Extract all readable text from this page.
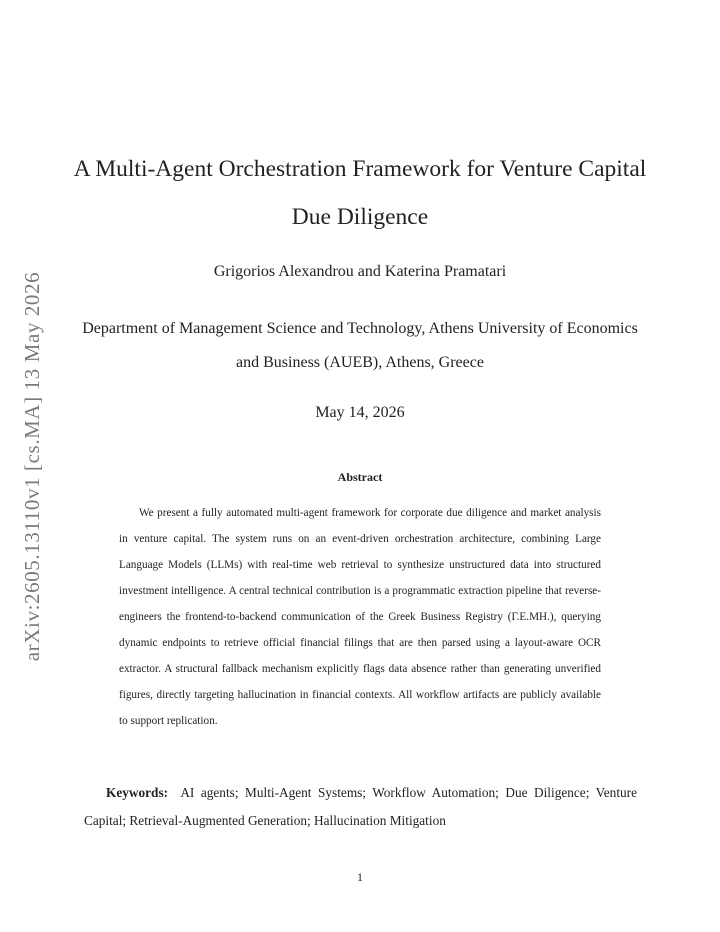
arXiv:2605.13110v1 [cs.MA] 13 May 2026
A Multi-Agent Orchestration Framework for Venture Capital Due Diligence
Grigorios Alexandrou and Katerina Pramatari
Department of Management Science and Technology, Athens University of Economics and Business (AUEB), Athens, Greece
May 14, 2026
Abstract

We present a fully automated multi-agent framework for corporate due diligence and market analysis in venture capital. The system runs on an event-driven orchestration architecture, combining Large Language Models (LLMs) with real-time web retrieval to synthesize unstructured data into structured investment intelligence. A central technical contribution is a programmatic extraction pipeline that reverse-engineers the frontend-to-backend communication of the Greek Business Registry (Γ.Ε.ΜΗ.), querying dynamic endpoints to retrieve official financial filings that are then parsed using a layout-aware OCR extractor. A structural fallback mechanism explicitly flags data absence rather than generating unverified figures, directly targeting hallucination in financial contexts. All workflow artifacts are publicly available to support replication.

Keywords: AI agents; Multi-Agent Systems; Workflow Automation; Due Diligence; Venture Capital; Retrieval-Augmented Generation; Hallucination Mitigation

1
